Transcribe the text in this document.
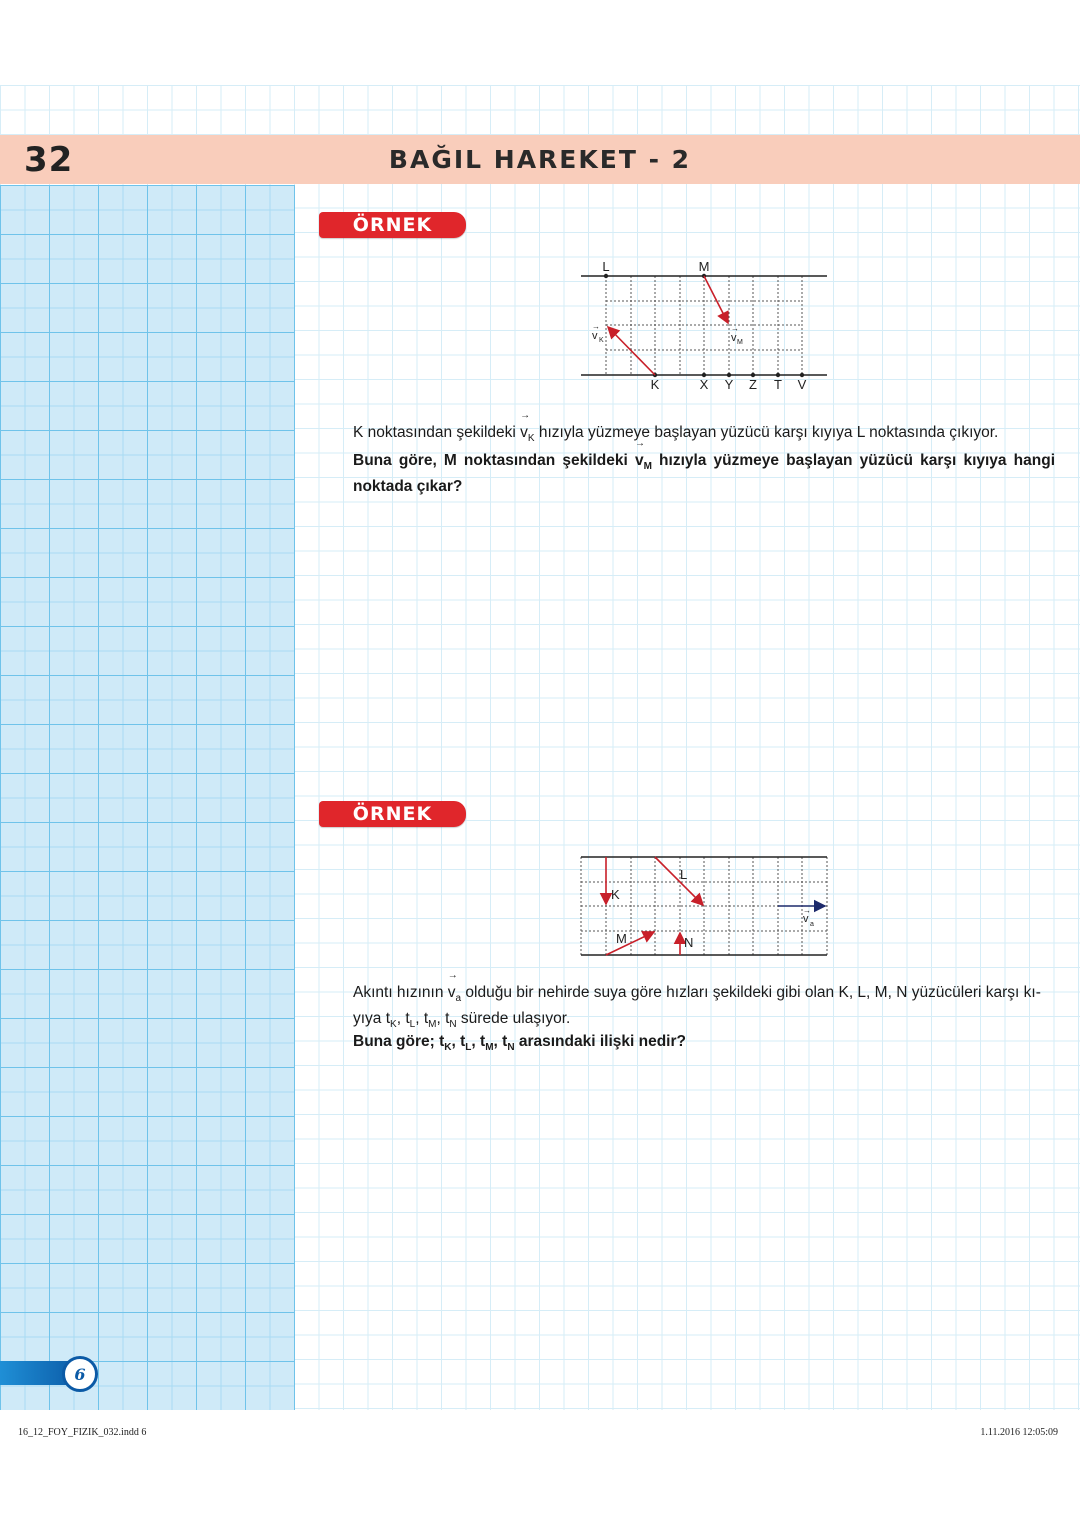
32	BAĞIL HAREKET - 2
ÖRNEK
L	M
K	X Y Z T V
v K	v M
→	→
K noktasından şekildeki → $v_K$ hızıyla yüzmeye başlayan yüzücü karşı kıyıya L noktasında çıkıyor.
Buna göre, M noktasından şekildeki → $v_M$ hızıyla yüzmeye başlayan yüzücü karşı kıyıya hangi noktada çıkar?
ÖRNEK
K
L
M	N
v a
→
Akıntı hızının → $v_a$ olduğu bir nehirde suya göre hızları şekildeki gibi olan K, L, M, N yüzücüleri karşı kı-
yıya $t_K$, $t_L$, $t_M$, $t_N$ sürede ulaşıyor.
Buna göre; $t_K$, $t_L$, $t_M$, $t_N$ arasındaki ilişki nedir?
6
16_12_FOY_FIZIK_032.indd 6	1.11.2016 12:05:09
